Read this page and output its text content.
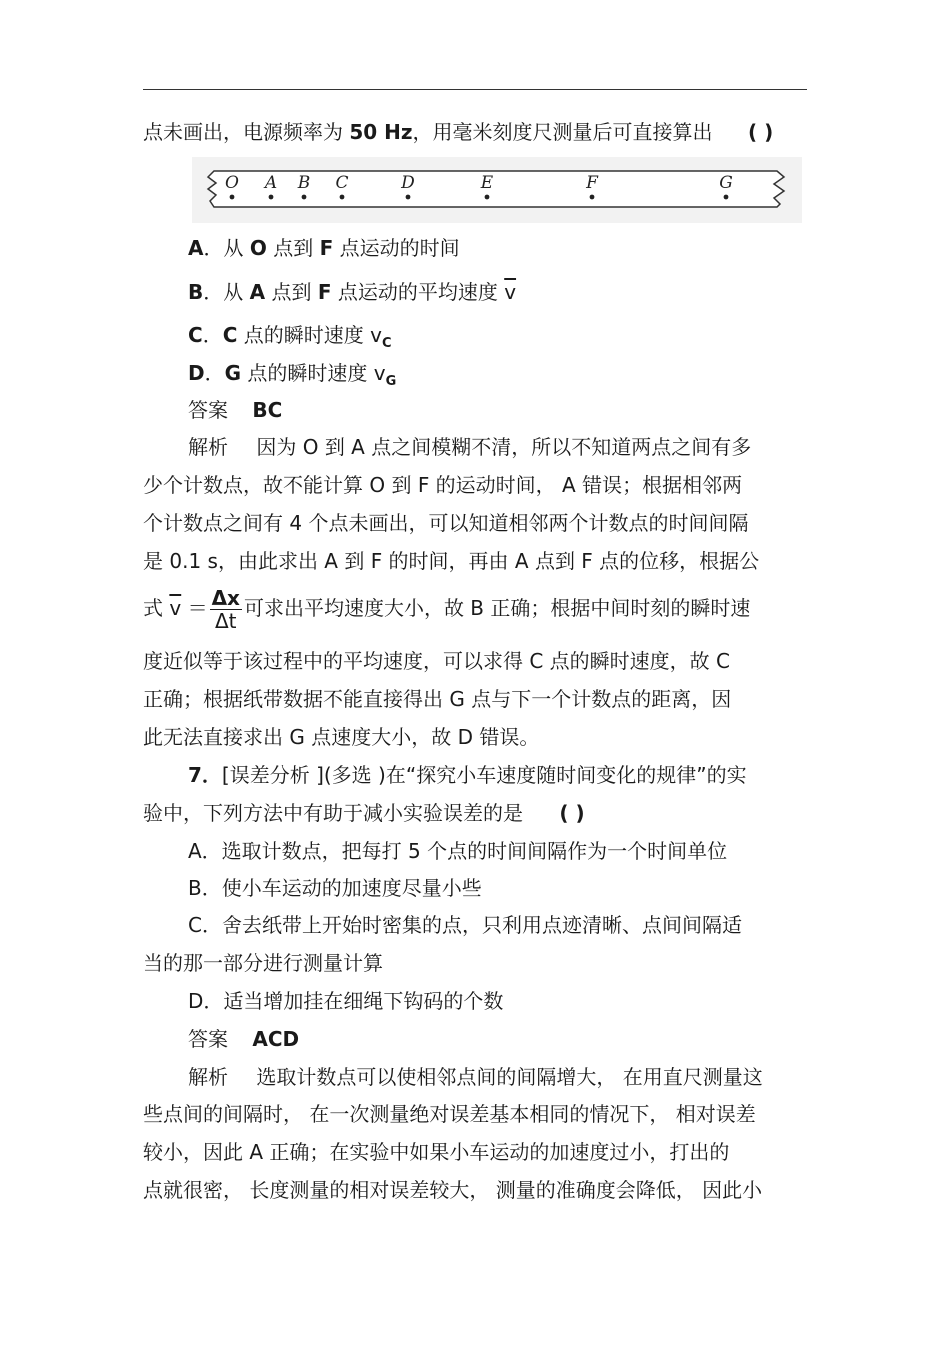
点未画出，电源频率为 50 Hz，用毫米刻度尺测量后可直接算出 ( )
O A B C	D	E	F	G
A．从 O 点到 F 点运动的时间
B．从 A 点到 F 点运动的平均速度 $\overline{v}$
C．C 点的瞬时速度 $v_C$
D．G 点的瞬时速度 $v_G$
答案 BC
解析 因为 O 到 A 点之间模糊不清，所以不知道两点之间有多
少个计数点，故不能计算 O 到 F 的运动时间， A 错误；根据相邻两
个计数点之间有 4 个点未画出，可以知道相邻两个计数点的时间间隔
是 0.1 s，由此求出 A 到 F 的时间，再由 A 点到 F 点的位移，根据公
式 $\overline{v} = \frac{\Delta x}{\Delta t}$ 可求出平均速度大小，故 B 正确；根据中间时刻的瞬时速
度近似等于该过程中的平均速度，可以求得 C 点的瞬时速度，故 C
正确；根据纸带数据不能直接得出 G 点与下一个计数点的距离，因
此无法直接求出 G 点速度大小，故 D 错误。
7．[误差分析 ](多选 )在“探究小车速度随时间变化的规律”的实
验中，下列方法中有助于减小实验误差的是 ( )
A．选取计数点，把每打 5 个点的时间间隔作为一个时间单位
B．使小车运动的加速度尽量小些
C．舍去纸带上开始时密集的点，只利用点迹清晰、点间间隔适
当的那一部分进行测量计算
D．适当增加挂在细绳下钩码的个数
答案 ACD
解析 选取计数点可以使相邻点间的间隔增大， 在用直尺测量这
些点间的间隔时， 在一次测量绝对误差基本相同的情况下， 相对误差
较小，因此 A 正确；在实验中如果小车运动的加速度过小，打出的
点就很密， 长度测量的相对误差较大， 测量的准确度会降低， 因此小
